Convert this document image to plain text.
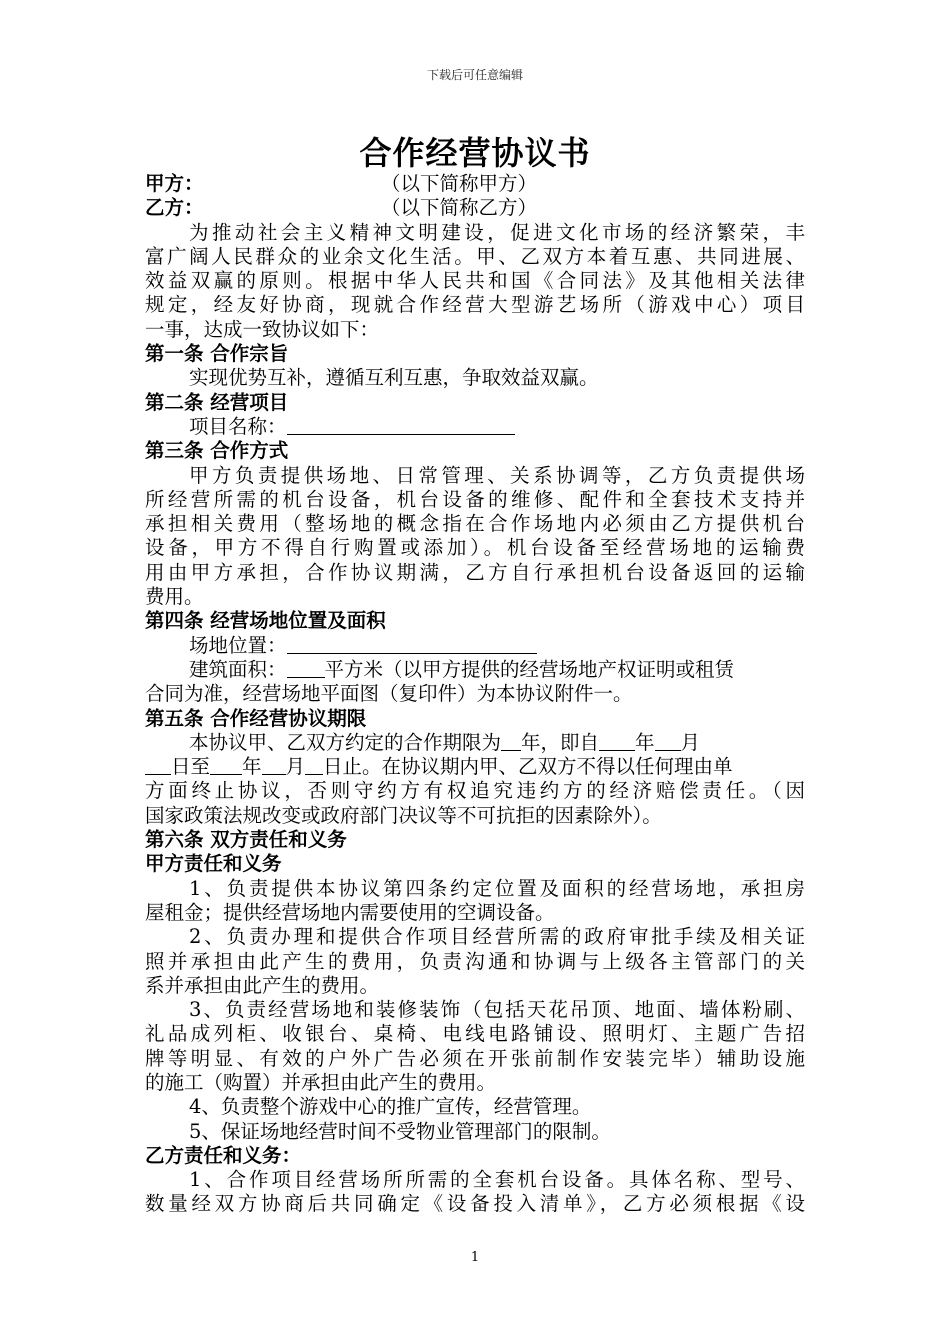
下载后可任意编辑
合作经营协议书
甲方：	（以下简称甲方）
乙方：	（以下简称乙方）
为推动社会主义精神文明建设，促进文化市场的经济繁荣，丰
富广阔人民群众的业余文化生活。甲、乙双方本着互惠、共同进展、
效益双赢的原则。根据中华人民共和国《合同法》及其他相关法律
规定，经友好协商，现就合作经营大型游艺场所（游戏中心）项目
一事，达成一致协议如下：
第一条 合作宗旨
实现优势互补，遵循互利互惠，争取效益双赢。
第二条 经营项目
项目名称：
第三条 合作方式
甲方负责提供场地、日常管理、关系协调等，乙方负责提供场
所经营所需的机台设备，机台设备的维修、配件和全套技术支持并
承担相关费用（整场地的概念指在合作场地内必须由乙方提供机台
设备，甲方不得自行购置或添加）。机台设备至经营场地的运输费
用由甲方承担，合作协议期满，乙方自行承担机台设备返回的运输
费用。
第四条 经营场地位置及面积
场地位置：
建筑面积： 平方米（以甲方提供的经营场地产权证明或租赁
合同为准，经营场地平面图（复印件）为本协议附件一。
第五条 合作经营协议期限
本协议甲、乙双方约定的合作期限为 年，即自 年 月
日至 年 月 日止。在协议期内甲、乙双方不得以任何理由单
方面终止协议，否则守约方有权追究违约方的经济赔偿责任。（因
国家政策法规改变或政府部门决议等不可抗拒的因素除外）。
第六条 双方责任和义务
甲方责任和义务
1、负责提供本协议第四条约定位置及面积的经营场地，承担房
屋租金；提供经营场地内需要使用的空调设备。
2、负责办理和提供合作项目经营所需的政府审批手续及相关证
照并承担由此产生的费用，负责沟通和协调与上级各主管部门的关
系并承担由此产生的费用。
3、负责经营场地和装修装饰（包括天花吊顶、地面、墙体粉刷、
礼品成列柜、收银台、桌椅、电线电路铺设、照明灯、主题广告招
牌等明显、有效的户外广告必须在开张前制作安装完毕）辅助设施
的施工（购置）并承担由此产生的费用。
4、负责整个游戏中心的推广宣传，经营管理。
5、保证场地经营时间不受物业管理部门的限制。
乙方责任和义务：
1、合作项目经营场所所需的全套机台设备。具体名称、型号、
数量经双方协商后共同确定《设备投入清单》，乙方必须根据《设
1
